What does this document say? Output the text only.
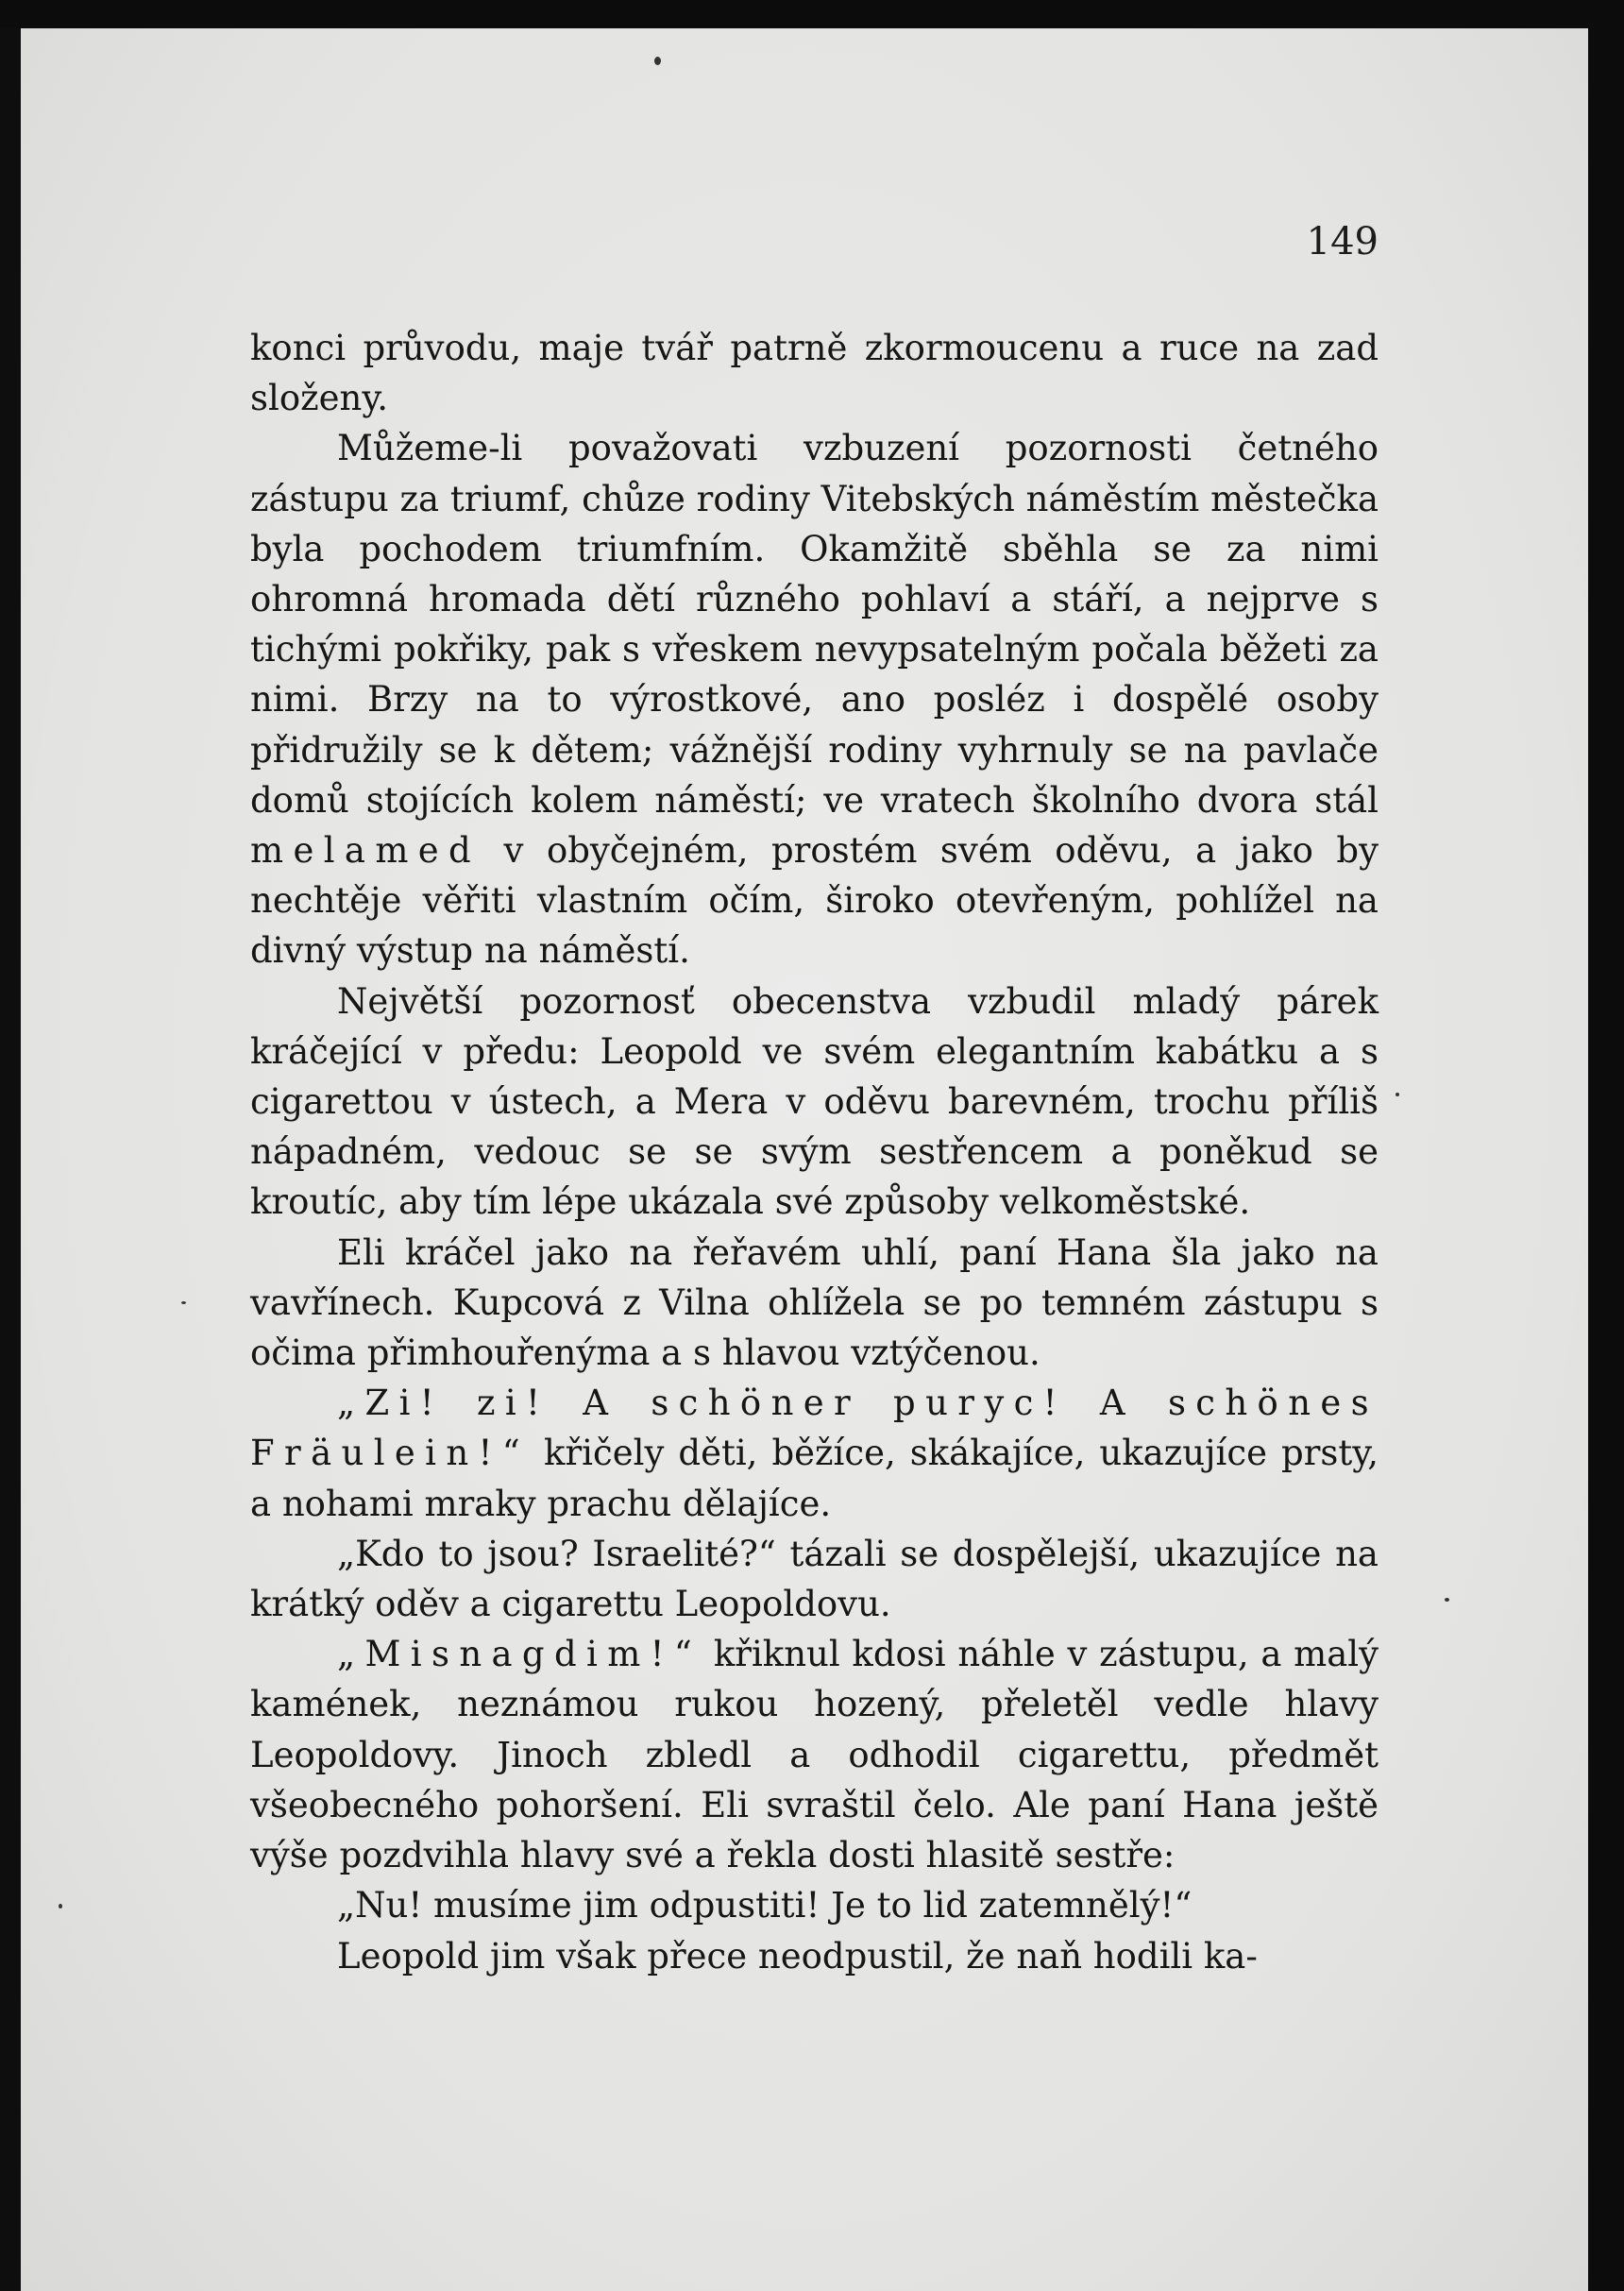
149

konci průvodu, maje tvář patrně zkormoucenu a ruce na zad složeny.

Můžeme-li považovati vzbuzení pozornosti četného zástupu za triumf, chůze rodiny Vitebských náměstím městečka byla pochodem triumfním. Okamžitě sběhla se za nimi ohromná hromada dětí různého pohlaví a stáří, a nejprve s tichými pokřiky, pak s vřeskem nevypsatelným počala běžeti za nimi. Brzy na to výrostkové, ano posléz i dospělé osoby přidružily se k dětem; vážnější rodiny vyhrnuly se na pavlače domů stojících kolem náměstí; ve vratech školního dvora stál melamed v obyčejném, prostém svém oděvu, a jako by nechtěje věřiti vlastním očím, široko otevřeným, pohlížel na divný výstup na náměstí.

Největší pozornosť obecenstva vzbudil mladý párek kráčející v předu: Leopold ve svém elegantním kabátku a s cigarettou v ústech, a Mera v oděvu barevném, trochu příliš nápadném, vedouc se se svým sestřencem a poněkud se kroutíc, aby tím lépe ukázala své způsoby velkoměstské.

Eli kráčel jako na řeřavém uhlí, paní Hana šla jako na vavřínech. Kupcová z Vilna ohlížela se po temném zástupu s očima přimhouřenýma a s hlavou vztýčenou.

„Zi! zi! A schöner puryc! A schönes Fräulein!“ křičely děti, běžíce, skákajíce, ukazujíce prsty, a nohami mraky prachu dělajíce.

„Kdo to jsou? Israelité?“ tázali se dospělejší, ukazujíce na krátký oděv a cigarettu Leopoldovu.

„Misnagdim!“ křiknul kdosi náhle v zástupu, a malý kamének, neznámou rukou hozený, přeletěl vedle hlavy Leopoldovy. Jinoch zbledl a odhodil cigarettu, předmět všeobecného pohoršení. Eli svraštil čelo. Ale paní Hana ještě výše pozdvihla hlavy své a řekla dosti hlasitě sestře:

„Nu! musíme jim odpustiti! Je to lid zatemnělý!“

Leopold jim však přece neodpustil, že naň hodili ka-
